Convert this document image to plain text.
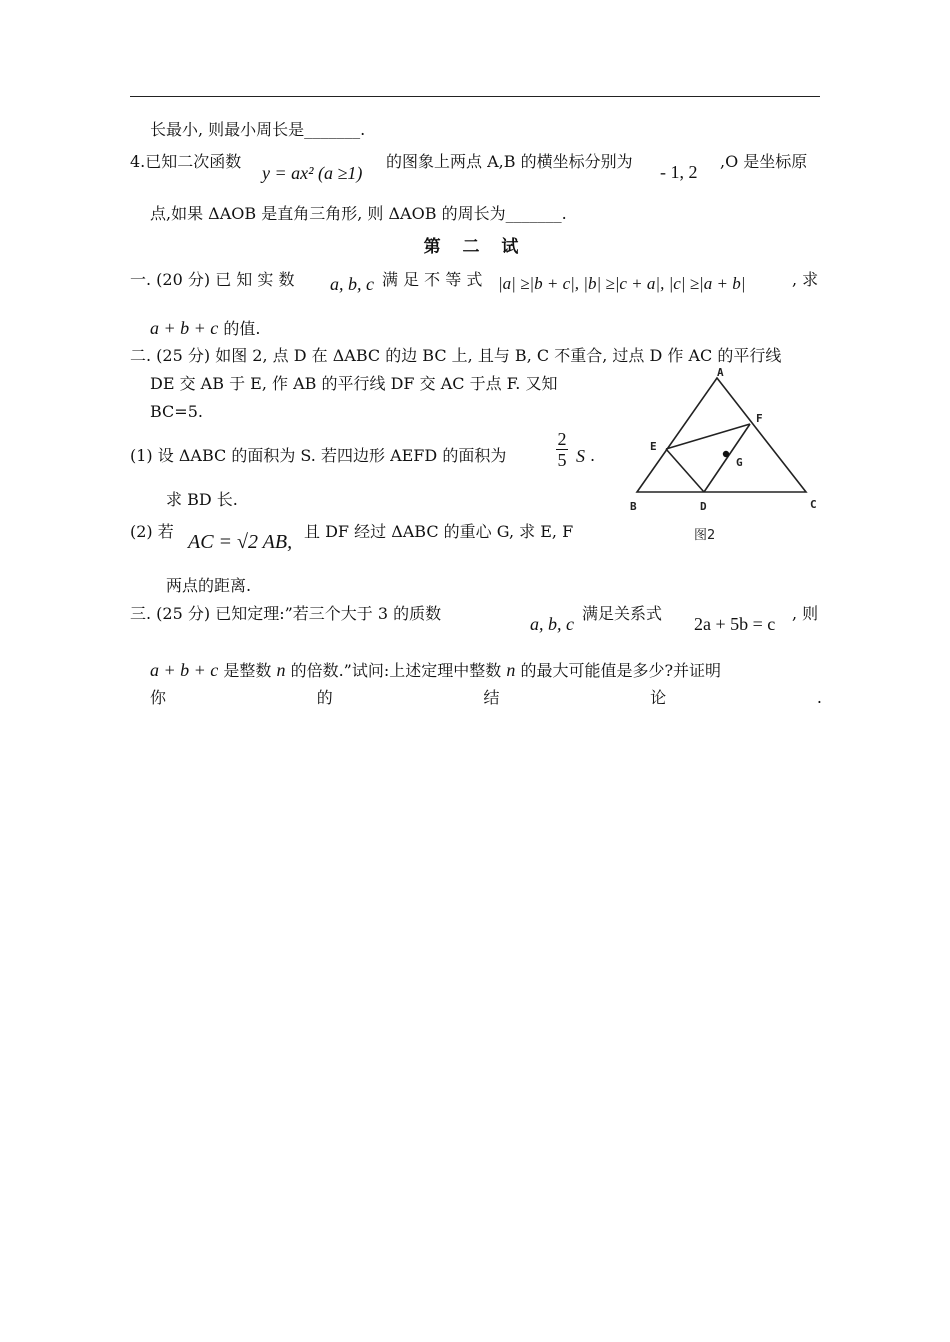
长最小, 则最小周长是_______.
4.已知二次函数
y = ax² (a ≥1)
的图象上两点 A,B 的横坐标分别为
- 1, 2
,O 是坐标原
点,如果 ΔAOB 是直角三角形, 则 ΔAOB 的周长为_______.
第 二 试
一. (20 分) 已 知 实 数 a, b, c 满 足 不 等 式 |a| ≥|b + c|, |b| ≥|c + a|, |c| ≥|a + b|	, 求
a + b + c 的值.
二. (25 分) 如图 2, 点 D 在 ΔABC 的边 BC 上, 且与 B, C 不重合, 过点 D 作 AC 的平行线
DE 交 AB 于 E, 作 AB 的平行线 DF 交 AC 于点 F. 又知
BC=5.
(1) 设 ΔABC 的面积为 S. 若四边形 AEFD 的面积为	$\frac{2}{5}$ S .
求 BD 长.
(2) 若 AC = √2 AB, 且 DF 经过 ΔABC 的重心 G, 求 E, F
两点的距离.
A
B	C
D
E
F
G
图2
三. (25 分) 已知定理:”若三个大于 3 的质数
a, b, c
满足关系式
2a + 5b = c
, 则
a + b + c 是整数 n 的倍数.”试问:上述定理中整数 n 的最大可能值是多少?并证明
你	的	结	论	.
